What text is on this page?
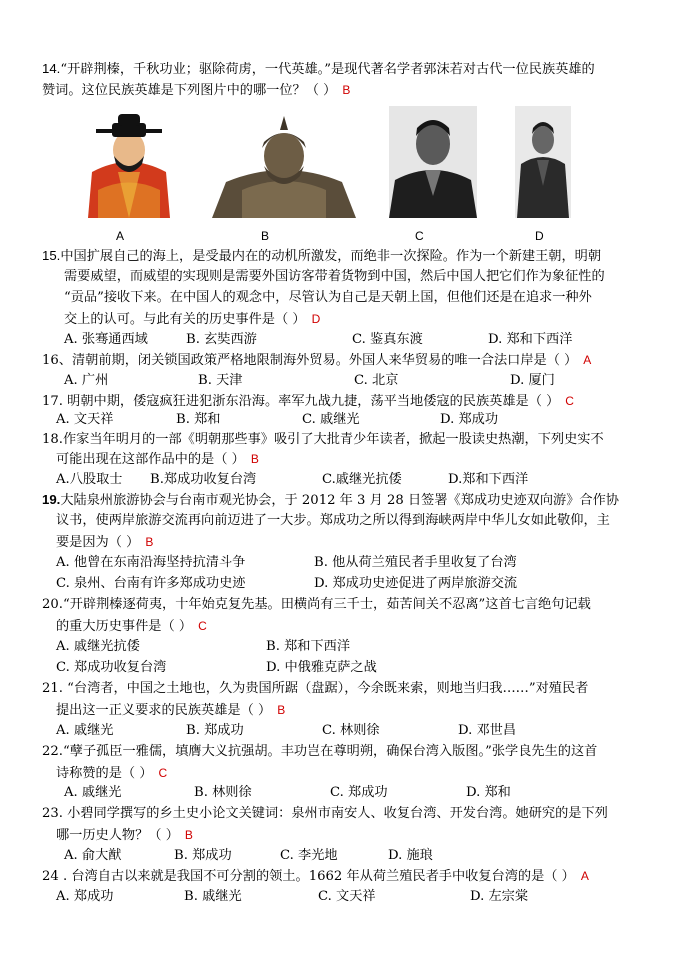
14.“开辟荆榛，千秋功业；驱除荷虏，一代英雄。”是现代著名学者郭沫若对古代一位民族英雄的
赞词。这位民族英雄是下列图片中的哪一位？（ ） B
A	B	C	D
15.中国扩展自己的海上，是受最内在的动机所激发，而绝非一次探险。作为一个新建王朝，明朝
需要威望，而威望的实现则是需要外国访客带着货物到中国，然后中国人把它们作为象征性的
“贡品”接收下来。在中国人的观念中，尽管认为自己是天朝上国，但他们还是在追求一种外
交上的认可。与此有关的历史事件是（ ） D
A. 张骞通西域	B. 玄奘西游	C. 鉴真东渡	D. 郑和下西洋
16、清朝前期，闭关锁国政策严格地限制海外贸易。外国人来华贸易的唯一合法口岸是（ ） A
A. 广州	B. 天津	C. 北京	D. 厦门
17. 明朝中期，倭寇疯狂进犯浙东沿海。率军九战九捷，荡平当地倭寇的民族英雄是（ ） C
A. 文天祥	B. 郑和	C. 戚继光	D. 郑成功
18.作家当年明月的一部《明朝那些事》吸引了大批青少年读者，掀起一股读史热潮，下列史实不
可能出现在这部作品中的是（ ） B
A.八股取士 B.郑成功收复台湾	C.戚继光抗倭	D.郑和下西洋
19.大陆泉州旅游协会与台南市观光协会，于 2012 年 3 月 28 日签署《郑成功史迹双向游》合作协
议书，使两岸旅游交流再向前迈进了一大步。郑成功之所以得到海峡两岸中华儿女如此敬仰，主
要是因为（ ） B
A. 他曾在东南沿海坚持抗清斗争	B. 他从荷兰殖民者手里收复了台湾
C. 泉州、台南有许多郑成功史迹	D. 郑成功史迹促进了两岸旅游交流
20.“开辟荆榛逐荷夷，十年始克复先基。田横尚有三千士，茹苦间关不忍离”这首七言绝句记载
的重大历史事件是（ ） C
A. 戚继光抗倭	B. 郑和下西洋
C. 郑成功收复台湾	D. 中俄雅克萨之战
21. “台湾者，中国之土地也，久为贵国所踞（盘踞），今余既来索，则地当归我……”对殖民者
提出这一正义要求的民族英雄是（ ） B
A. 戚继光	B. 郑成功	C. 林则徐	D. 邓世昌
22.“孽子孤臣一雅儒，填膺大义抗强胡。丰功岂在尊明朔，确保台湾入版图。”张学良先生的这首
诗称赞的是（ ） C
A. 戚继光	B. 林则徐	C. 郑成功	D. 郑和
23. 小碧同学撰写的乡土史小论文关键词：泉州市南安人、收复台湾、开发台湾。她研究的是下列
哪一历史人物？（ ） B
A. 俞大猷	B. 郑成功	C. 李光地	D. 施琅
24 . 台湾自古以来就是我国不可分割的领土。1662 年从荷兰殖民者手中收复台湾的是（ ） A
A. 郑成功	B. 戚继光	C. 文天祥	D. 左宗棠
